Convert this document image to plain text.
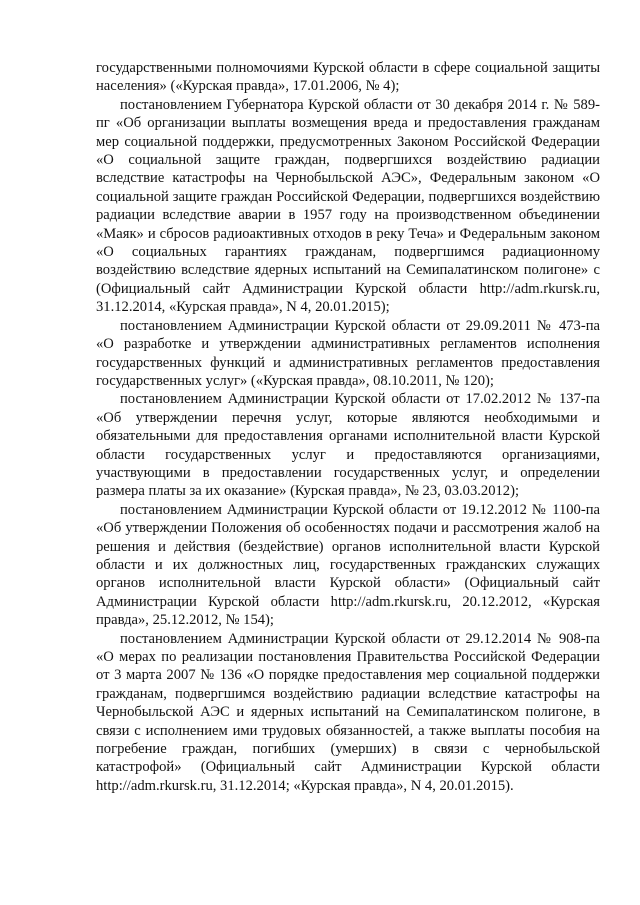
государственными полномочиями Курской области в сфере социальной защиты населения» («Курская правда», 17.01.2006, № 4);

постановлением Губернатора Курской области от 30 декабря 2014 г. № 589-пг «Об организации выплаты возмещения вреда и предоставления гражданам мер социальной поддержки, предусмотренных Законом Российской Федерации «О социальной защите граждан, подвергшихся воздействию радиации вследствие катастрофы на Чернобыльской АЭС», Федеральным законом «О социальной защите граждан Российской Федерации, подвергшихся воздействию радиации вследствие аварии в 1957 году на производственном объединении «Маяк» и сбросов радиоактивных отходов в реку Теча» и Федеральным законом «О социальных гарантиях гражданам, подвергшимся радиационному воздействию вследствие ядерных испытаний на Семипалатинском полигоне» с (Официальный сайт Администрации Курской области http://adm.rkursk.ru, 31.12.2014, «Курская правда», N 4, 20.01.2015);

постановлением Администрации Курской области от 29.09.2011 № 473-па «О разработке и утверждении административных регламентов исполнения государственных функций и административных регламентов предоставления государственных услуг» («Курская правда», 08.10.2011, № 120);

постановлением Администрации Курской области от 17.02.2012 № 137-па «Об утверждении перечня услуг, которые являются необходимыми и обязательными для предоставления органами исполнительной власти Курской области государственных услуг и предоставляются организациями, участвующими в предоставлении государственных услуг, и определении размера платы за их оказание» (Курская правда», № 23, 03.03.2012);

постановлением Администрации Курской области от 19.12.2012 № 1100-па «Об утверждении Положения об особенностях подачи и рассмотрения жалоб на решения и действия (бездействие) органов исполнительной власти Курской области и их должностных лиц, государственных гражданских служащих органов исполнительной власти Курской области» (Официальный сайт Администрации Курской области http://adm.rkursk.ru, 20.12.2012, «Курская правда», 25.12.2012, № 154);

постановлением Администрации Курской области от 29.12.2014 № 908-па «О мерах по реализации постановления Правительства Российской Федерации от 3 марта 2007 № 136 «О порядке предоставления мер социальной поддержки гражданам, подвергшимся воздействию радиации вследствие катастрофы на Чернобыльской АЭС и ядерных испытаний на Семипалатинском полигоне, в связи с исполнением ими трудовых обязанностей, а также выплаты пособия на погребение граждан, погибших (умерших) в связи с чернобыльской катастрофой» (Официальный сайт Администрации Курской области http://adm.rkursk.ru, 31.12.2014; «Курская правда», N 4, 20.01.2015).
